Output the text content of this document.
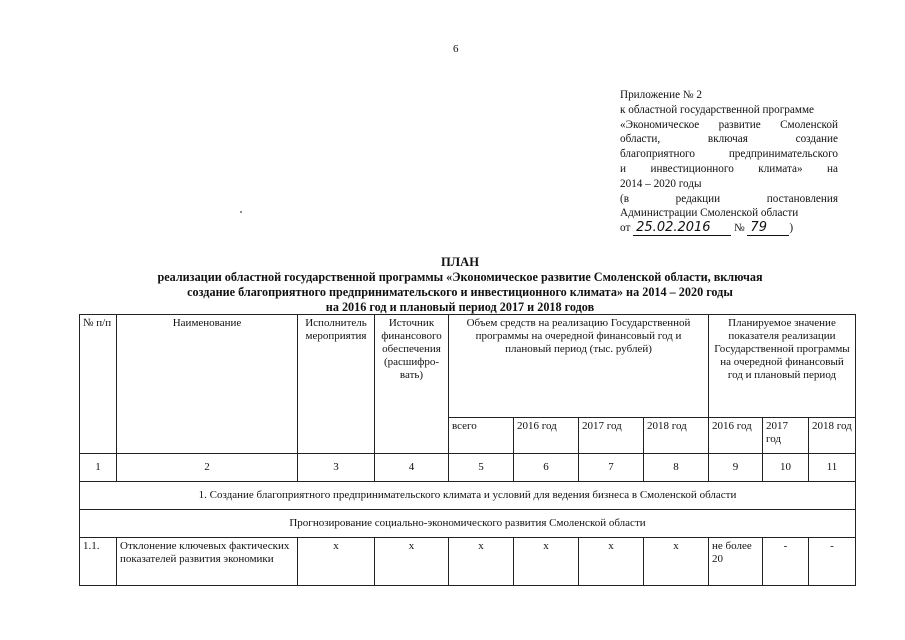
6
Приложение № 2
к областной государственной программе
«Экономическое развитие Смоленской
области,	включая	создание
благоприятного	предпринимательского
и инвестиционного климата» на
2014 – 2020 годы
(в	редакции	постановления
Администрации Смоленской области
от
25.02.2016
	№
79	)
ПЛАН
реализации областной государственной программы «Экономическое развитие Смоленской области, включая
создание благоприятного предпринимательского и инвестиционного климата» на 2014 – 2020 годы
на 2016 год и плановый период 2017 и 2018 годов
№ п/п	Наименование	Исполнитель мероприятия	Источник финансового обеспечения (расшифро-вать)	Объем средств на реализацию Государственной программы на очередной финансовый год и плановый период (тыс. рублей)				Планируемое значение показателя реализации Государственной программы на очередной финансовый год и плановый период		
				всего	2016 год	2017 год	2018 год	2016 год	2017 год	2018 год
1	2	3	4	5	6	7	8	9	10	11
1. Создание благоприятного предпринимательского климата и условий для ведения бизнеса в Смоленской области										
Прогнозирование социально-экономического развития Смоленской области										
1.1.	Отклонение ключевых фактических показателей развития экономики	x	x	x	x	x	x	не более 20	-	-
